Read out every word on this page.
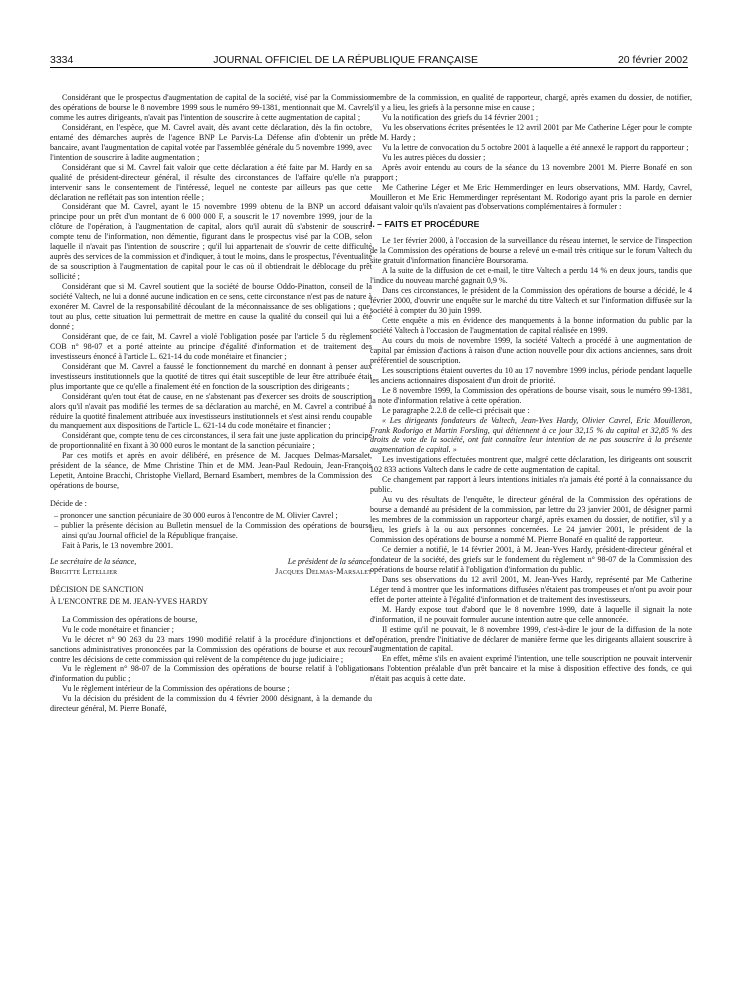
3334	JOURNAL OFFICIEL DE LA RÉPUBLIQUE FRANÇAISE	20 février 2002

Considérant que le prospectus d'augmentation de capital de la société, visé par la Commission des opérations de bourse le 8 novembre 1999 sous le numéro 99-1381, mentionnait que M. Cavrel, comme les autres dirigeants, n'avait pas l'intention de souscrire à cette augmentation de capital ;

Considérant, en l'espèce, que M. Cavrel avait, dès avant cette déclaration, dès la fin octobre, entamé des démarches auprès de l'agence BNP Le Parvis-La Défense afin d'obtenir un prêt bancaire, avant l'augmentation de capital votée par l'assemblée générale du 5 novembre 1999, avec l'intention de souscrire à ladite augmentation ;

Considérant que si M. Cavrel fait valoir que cette déclaration a été faite par M. Hardy en sa qualité de président-directeur général, il résulte des circonstances de l'affaire qu'elle n'a pu intervenir sans le consentement de l'intéressé, lequel ne conteste par ailleurs pas que cette déclaration ne reflétait pas son intention réelle ;

Considérant que M. Cavrel, ayant le 15 novembre 1999 obtenu de la BNP un accord de principe pour un prêt d'un montant de 6 000 000 F, a souscrit le 17 novembre 1999, jour de la clôture de l'opération, à l'augmentation de capital, alors qu'il aurait dû s'abstenir de souscrire compte tenu de l'information, non démentie, figurant dans le prospectus visé par la COB, selon laquelle il n'avait pas l'intention de souscrire ; qu'il lui appartenait de s'ouvrir de cette difficulté auprès des services de la commission et d'indiquer, à tout le moins, dans le prospectus, l'éventualité de sa souscription à l'augmentation de capital pour le cas où il obtiendrait le déblocage du prêt sollicité ;

Considérant que si M. Cavrel soutient que la société de bourse Oddo-Pinatton, conseil de la société Valtech, ne lui a donné aucune indication en ce sens, cette circonstance n'est pas de nature à exonérer M. Cavrel de la responsabilité découlant de la méconnaissance de ses obligations ; que, tout au plus, cette situation lui permettrait de mettre en cause la qualité du conseil qui lui a été donné ;

Considérant que, de ce fait, M. Cavrel a violé l'obligation posée par l'article 5 du règlement COB n° 98-07 et a porté atteinte au principe d'égalité d'information et de traitement des investisseurs énoncé à l'article L. 621-14 du code monétaire et financier ;

Considérant que M. Cavrel a faussé le fonctionnement du marché en donnant à penser aux investisseurs institutionnels que la quotité de titres qui était susceptible de leur être attribuée était plus importante que ce qu'elle a finalement été en fonction de la souscription des dirigeants ;

Considérant qu'en tout état de cause, en ne s'abstenant pas d'exercer ses droits de souscription alors qu'il n'avait pas modifié les termes de sa déclaration au marché, en M. Cavrel a contribué à réduire la quotité finalement attribuée aux investisseurs institutionnels et s'est ainsi rendu coupable du manquement aux dispositions de l'article L. 621-14 du code monétaire et financier ;

Considérant que, compte tenu de ces circonstances, il sera fait une juste application du principe de proportionnalité en fixant à 30 000 euros le montant de la sanction pécuniaire ;

Par ces motifs et après en avoir délibéré, en présence de M. Jacques Delmas-Marsalet, président de la séance, de Mme Christine Thin et de MM. Jean-Paul Redouin, Jean-François Lepetit, Antoine Bracchi, Christophe Viellard, Bernard Esambert, membres de la Commission des opérations de bourse,

Décide de :

– prononcer une sanction pécuniaire de 30 000 euros à l'encontre de M. Olivier Cavrel ;

– publier la présente décision au Bulletin mensuel de la Commission des opérations de bourse ainsi qu'au Journal officiel de la République française.

Fait à Paris, le 13 novembre 2001.

Le secrétaire de la séance,	Le président de la séance,
Brigitte Letellier	Jacques Delmas-Marsalet

DÉCISION DE SANCTION

À L'ENCONTRE DE M. JEAN-YVES HARDY

La Commission des opérations de bourse,

Vu le code monétaire et financier ;

Vu le décret n° 90 263 du 23 mars 1990 modifié relatif à la procédure d'injonctions et de sanctions administratives prononcées par la Commission des opérations de bourse et aux recours contre les décisions de cette commission qui relèvent de la compétence du juge judiciaire ;

Vu le règlement n° 98-07 de la Commission des opérations de bourse relatif à l'obligation d'information du public ;

Vu le règlement intérieur de la Commission des opérations de bourse ;

Vu la décision du président de la commission du 4 février 2000 désignant, à la demande du directeur général, M. Pierre Bonafé,

membre de la commission, en qualité de rapporteur, chargé, après examen du dossier, de notifier, s'il y a lieu, les griefs à la personne mise en cause ;

Vu la notification des griefs du 14 février 2001 ;

Vu les observations écrites présentées le 12 avril 2001 par Me Catherine Léger pour le compte de M. Hardy ;

Vu la lettre de convocation du 5 octobre 2001 à laquelle a été annexé le rapport du rapporteur ;

Vu les autres pièces du dossier ;

Après avoir entendu au cours de la séance du 13 novembre 2001 M. Pierre Bonafé en son rapport ;

Me Catherine Léger et Me Eric Hemmerdinger en leurs observations, MM. Hardy, Cavrel, Mouilleron et Me Eric Hemmerdinger représentant M. Rodorigo ayant pris la parole en dernier faisant valoir qu'ils n'avaient pas d'observations complémentaires à formuler :

I. – FAITS ET PROCÉDURE

Le 1er février 2000, à l'occasion de la surveillance du réseau internet, le service de l'inspection de la Commission des opérations de bourse a relevé un e-mail très critique sur le forum Valtech du site gratuit d'information financière Boursorama.

A la suite de la diffusion de cet e-mail, le titre Valtech a perdu 14 % en deux jours, tandis que l'indice du nouveau marché gagnait 0,9 %.

Dans ces circonstances, le président de la Commission des opérations de bourse a décidé, le 4 février 2000, d'ouvrir une enquête sur le marché du titre Valtech et sur l'information diffusée sur la société à compter du 30 juin 1999.

Cette enquête a mis en évidence des manquements à la bonne information du public par la société Valtech à l'occasion de l'augmentation de capital réalisée en 1999.

Au cours du mois de novembre 1999, la société Valtech a procédé à une augmentation de capital par émission d'actions à raison d'une action nouvelle pour dix actions anciennes, sans droit préférentiel de souscription.

Les souscriptions étaient ouvertes du 10 au 17 novembre 1999 inclus, période pendant laquelle les anciens actionnaires disposaient d'un droit de priorité.

Le 8 novembre 1999, la Commission des opérations de bourse visait, sous le numéro 99-1381, la note d'information relative à cette opération.

Le paragraphe 2.2.8 de celle-ci précisait que :

« Les dirigeants fondateurs de Valtech, Jean-Yves Hardy, Olivier Cavrel, Eric Mouilleron, Frank Rodorigo et Martin Forsling, qui détiennent à ce jour 32,15 % du capital et 32,85 % des droits de vote de la société, ont fait connaître leur intention de ne pas souscrire à la présente augmentation de capital. »

Les investigations effectuées montrent que, malgré cette déclaration, les dirigeants ont souscrit 102 833 actions Valtech dans le cadre de cette augmentation de capital.

Ce changement par rapport à leurs intentions initiales n'a jamais été porté à la connaissance du public.

Au vu des résultats de l'enquête, le directeur général de la Commission des opérations de bourse a demandé au président de la commission, par lettre du 23 janvier 2001, de désigner parmi les membres de la commission un rapporteur chargé, après examen du dossier, de notifier, s'il y a lieu, les griefs à la ou aux personnes concernées. Le 24 janvier 2001, le président de la Commission des opérations de bourse a nommé M. Pierre Bonafé en qualité de rapporteur.

Ce dernier a notifié, le 14 février 2001, à M. Jean-Yves Hardy, président-directeur général et fondateur de la société, des griefs sur le fondement du règlement n° 98-07 de la Commission des opérations de bourse relatif à l'obligation d'information du public.

Dans ses observations du 12 avril 2001, M. Jean-Yves Hardy, représenté par Me Catherine Léger tend à montrer que les informations diffusées n'étaient pas trompeuses et n'ont pu avoir pour effet de porter atteinte à l'égalité d'information et de traitement des investisseurs.

M. Hardy expose tout d'abord que le 8 novembre 1999, date à laquelle il signait la note d'information, il ne pouvait formuler aucune intention autre que celle annoncée.

Il estime qu'il ne pouvait, le 8 novembre 1999, c'est-à-dire le jour de la diffusion de la note d'opération, prendre l'initiative de déclarer de manière ferme que les dirigeants allaient souscrire à l'augmentation de capital.

En effet, même s'ils en avaient exprimé l'intention, une telle souscription ne pouvait intervenir sans l'obtention préalable d'un prêt bancaire et la mise à disposition effective des fonds, ce qui n'était pas acquis à cette date.
